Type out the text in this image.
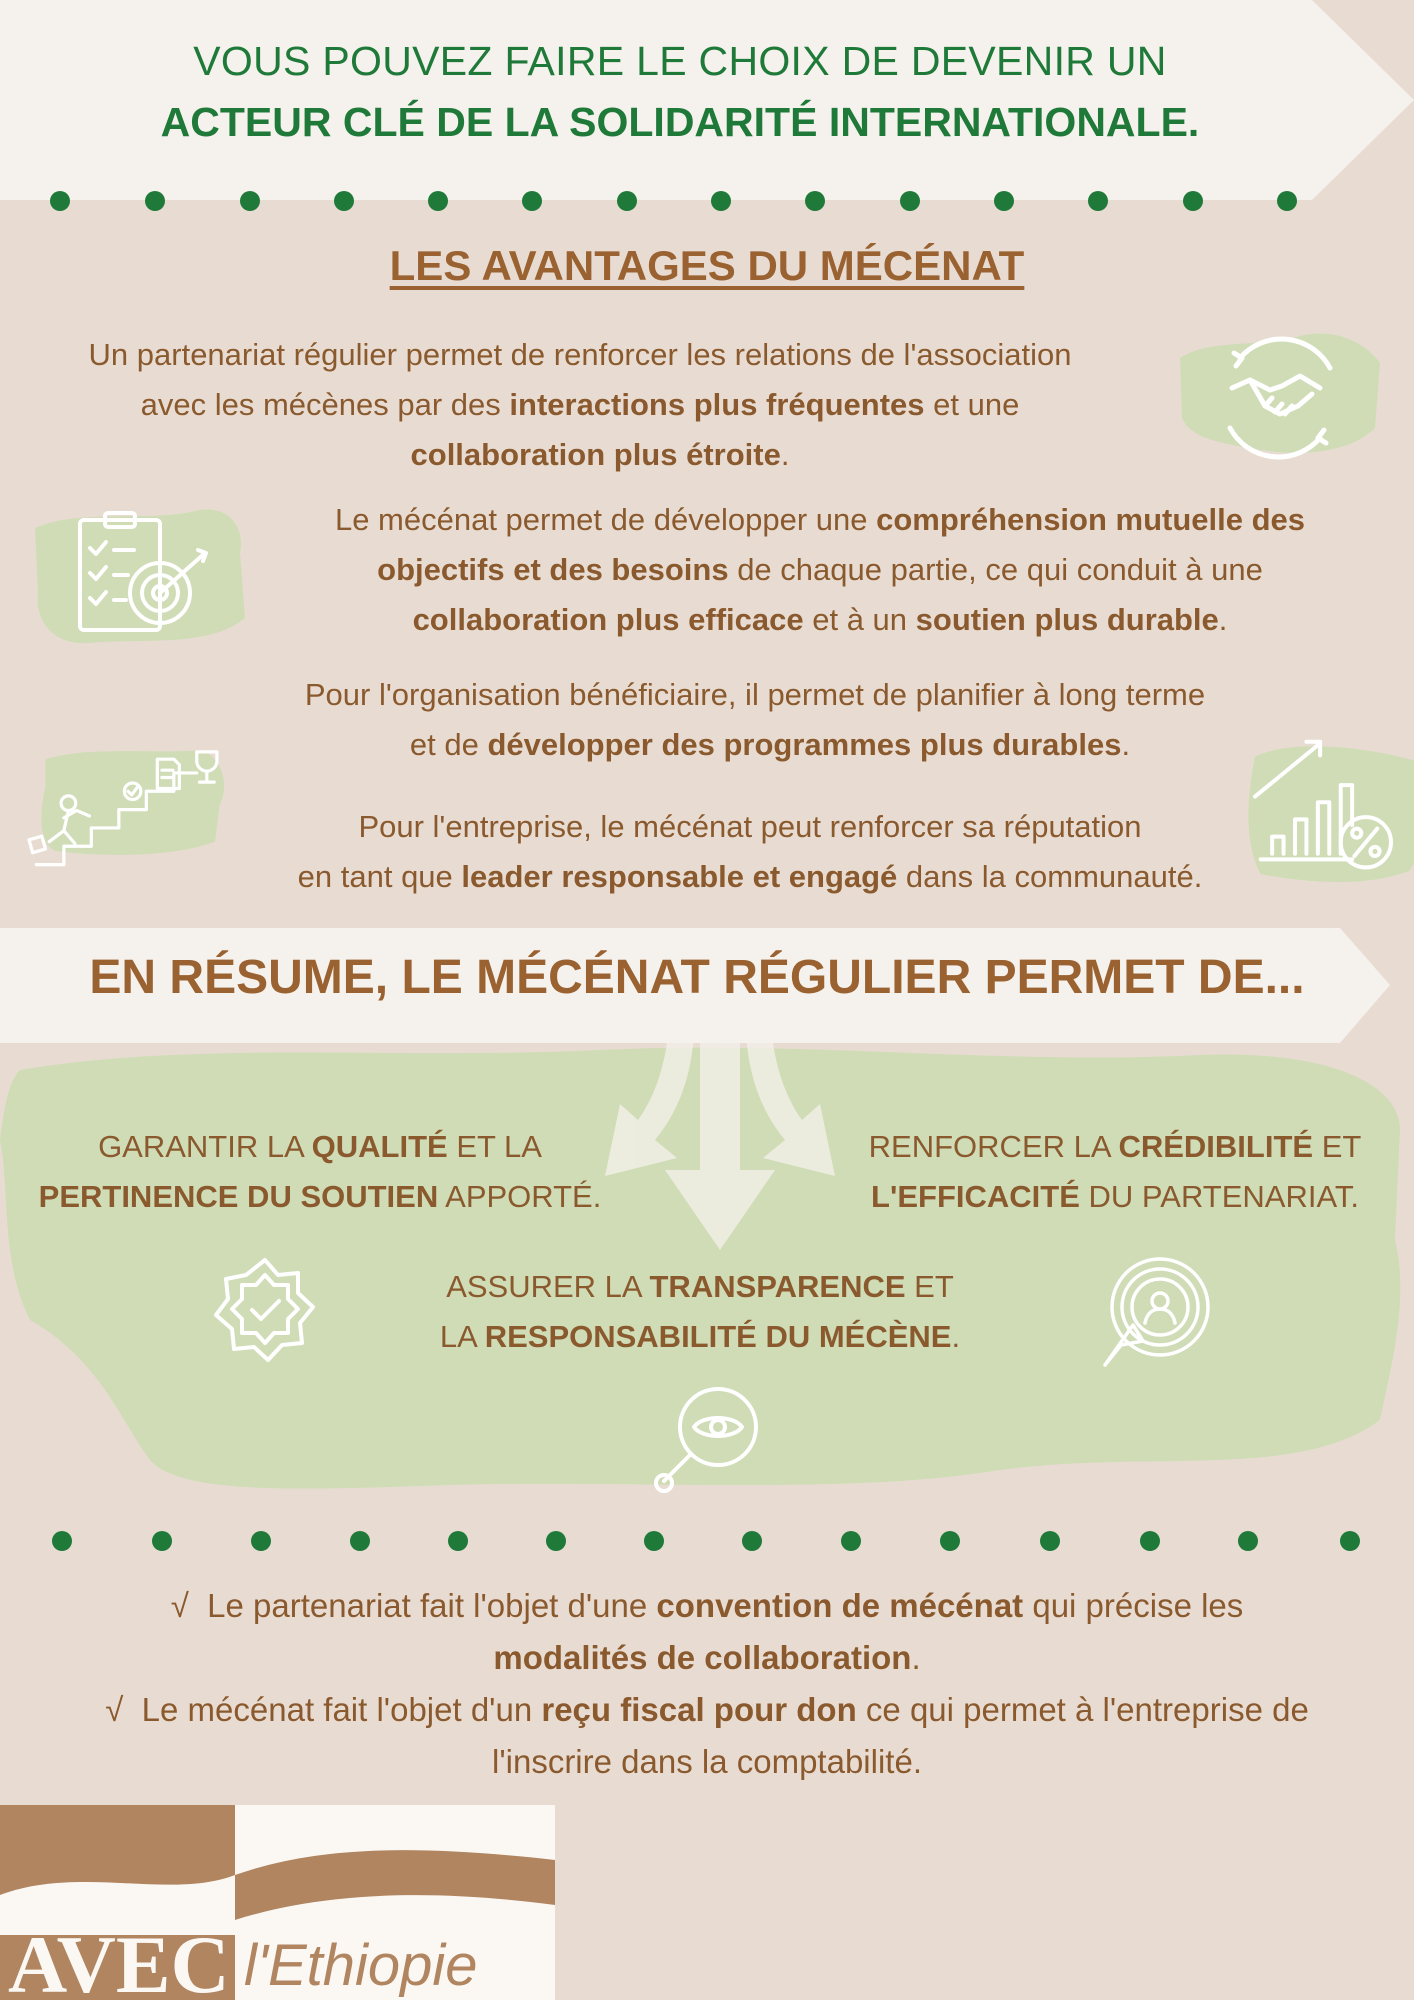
VOUS POUVEZ FAIRE LE CHOIX DE DEVENIR UN
ACTEUR CLÉ DE LA SOLIDARITÉ INTERNATIONALE.
LES AVANTAGES DU MÉCÉNAT
Un partenariat régulier permet de renforcer les relations de l'association
avec les mécènes par des interactions plus fréquentes et une
collaboration plus étroite.
Le mécénat permet de développer une compréhension mutuelle des
objectifs et des besoins de chaque partie, ce qui conduit à une
collaboration plus efficace et à un soutien plus durable.
Pour l'organisation bénéficiaire, il permet de planifier à long terme
et de développer des programmes plus durables.
Pour l'entreprise, le mécénat peut renforcer sa réputation
en tant que leader responsable et engagé dans la communauté.
EN RÉSUME, LE MÉCÉNAT RÉGULIER PERMET DE...
GARANTIR LA QUALITÉ ET LA
PERTINENCE DU SOUTIEN APPORTÉ.
RENFORCER LA CRÉDIBILITÉ ET
L'EFFICACITÉ DU PARTENARIAT.
ASSURER LA TRANSPARENCE ET
LA RESPONSABILITÉ DU MÉCÈNE.
√  Le partenariat fait l'objet d'une convention de mécénat qui précise les
modalités de collaboration.
√  Le mécénat fait l'objet d'un reçu fiscal pour don ce qui permet à l'entreprise de
l'inscrire dans la comptabilité.
AVEC l'Ethiopie
